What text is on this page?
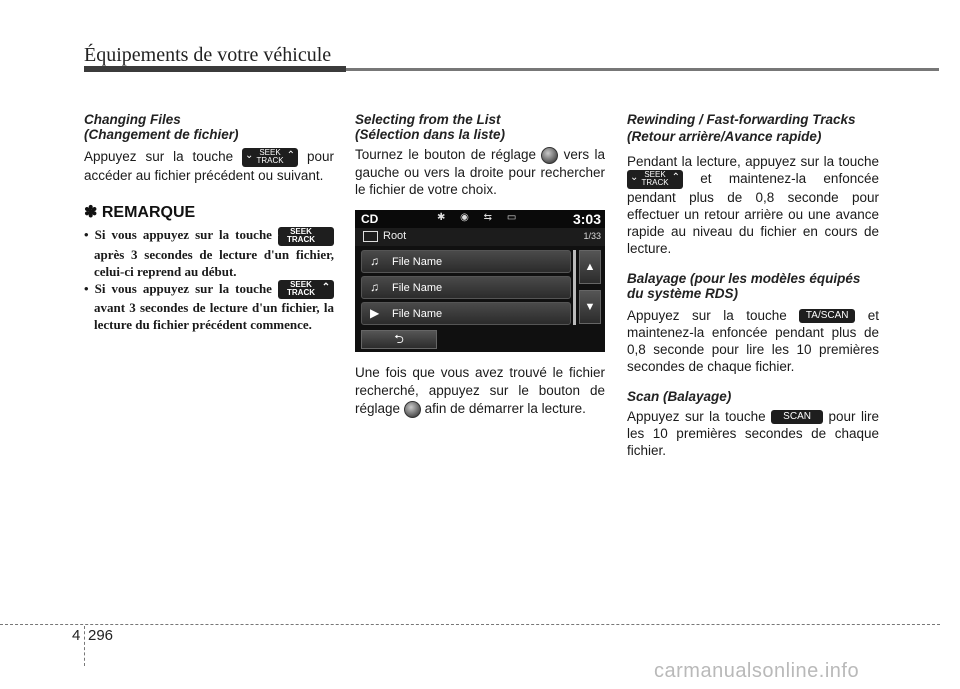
Équipements de votre véhicule

Changing Files
(Changement de fichier)

Appuyez sur la touche ⌄ SEEK
TRACK ⌃ pour accéder au fichier précédent ou suivant.

✽ REMARQUE

• Si vous appuyez sur la touche ⌄	SEEK
TRACK
après 3 secondes de lecture d'un fichier, celui-ci reprend au début.

• Si vous appuyez sur la touche	SEEK
TRACK ⌃
avant 3 secondes de lecture d'un fichier, la lecture du fichier précédent commence.

Selecting from the List
(Sélection dans la liste)

Tournez le bouton de réglage vers la gauche ou vers la droite pour rechercher le fichier de votre choix.

CD	✱ ◉ ⇆ ▭	3:03
Root	1/33
♫ File Name
♫ File Name
▶ File Name
▲
▼
⮌

Une fois que vous avez trouvé le fichier recherché, appuyez sur le bouton de réglage afin de démarrer la lecture.

Rewinding / Fast-forwarding Tracks
(Retour arrière/Avance rapide)

Pendant la lecture, appuyez sur la touche
⌄ SEEK
TRACK ⌃ et maintenez-la enfoncée pendant plus de 0,8 seconde pour effectuer un retour arrière ou une avance rapide au niveau du fichier en cours de lecture.

Balayage (pour les modèles équipés
du système RDS)

Appuyez sur la touche TA/SCAN et maintenez-la enfoncée pendant plus de 0,8 seconde pour lire les 10 premières secondes de chaque fichier.

Scan (Balayage)

Appuyez sur la touche SCAN pour lire les 10 premières secondes de chaque fichier.

4 296
carmanualsonline.info
